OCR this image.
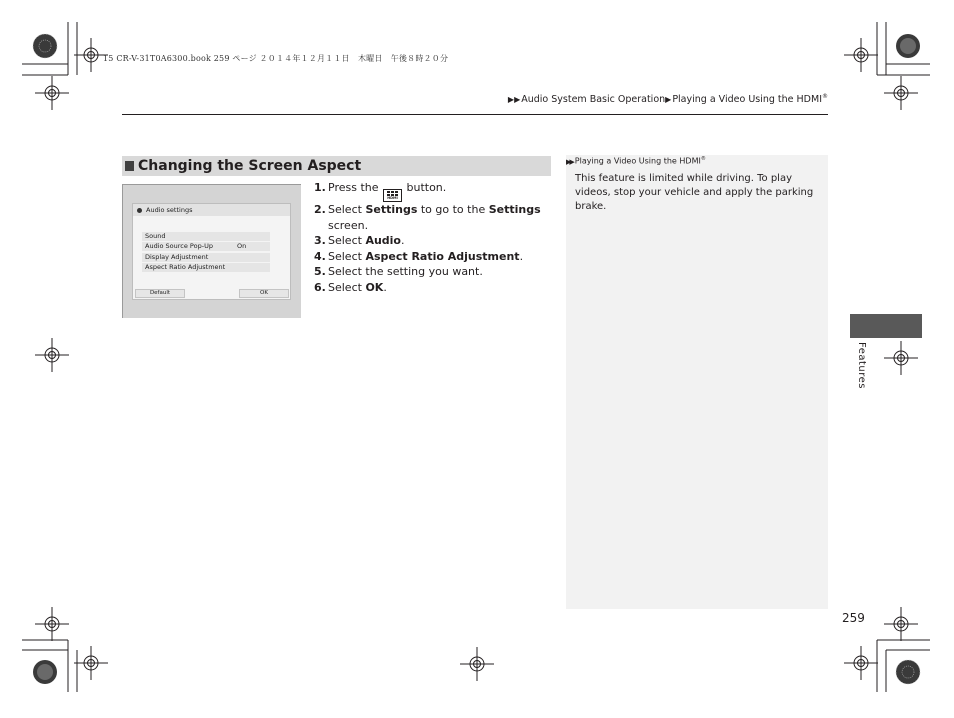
15 CR-V-31T0A6300.book 259 ページ ２０１４年１２月１１日　木曜日　午後８時２０分
▶▶Audio System Basic Operation▶Playing a Video Using the HDMI®
Changing the Screen Aspect
Audio settings
Sound
Audio Source Pop-Up	On
Display Adjustment
Aspect Ratio Adjustment
Default	OK
1. Press the
HDMI
button.
2. Select Settings to go to the Settings screen.
3. Select Audio.
4. Select Aspect Ratio Adjustment.
5. Select the setting you want.
6. Select OK.
▶▶ Playing a Video Using the HDMI®

This feature is limited while driving. To play videos, stop your vehicle and apply the parking brake.

Features
259
